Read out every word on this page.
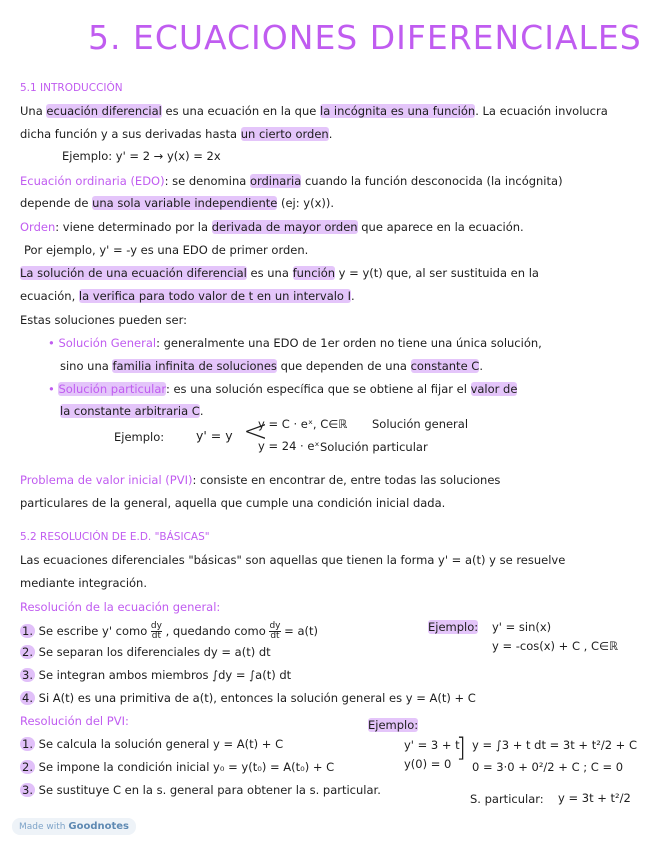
5. ECUACIONES DIFERENCIALES
5.1 INTRODUCCIÓN
Una ecuación diferencial es una ecuación en la que la incógnita es una función. La ecuación involucra
dicha función y a sus derivadas hasta un cierto orden.
Ejemplo: y' = 2 → y(x) = 2x
Ecuación ordinaria (EDO): se denomina ordinaria cuando la función desconocida (la incógnita)
depende de una sola variable independiente (ej: y(x)).
Orden: viene determinado por la derivada de mayor orden que aparece en la ecuación.
Por ejemplo, y' = -y es una EDO de primer orden.
La solución de una ecuación diferencial es una función y = y(t) que, al ser sustituida en la
ecuación, la verifica para todo valor de t en un intervalo I.
Estas soluciones pueden ser:
• Solución General: generalmente una EDO de 1er orden no tiene una única solución,
sino una familia infinita de soluciones que dependen de una constante C.
• Solución particular: es una solución específica que se obtiene al fijar el valor de
la constante arbitraria C.
Ejemplo:	y' = y <
y = C · eˣ, C∈ℝ Solución general
y = 24 · eˣ Solución particular
Problema de valor inicial (PVI): consiste en encontrar de, entre todas las soluciones
particulares de la general, aquella que cumple una condición inicial dada.
5.2 RESOLUCIÓN DE E.D. "BÁSICAS"
Las ecuaciones diferenciales "básicas" son aquellas que tienen la forma y' = a(t) y se resuelve
mediante integración.
Resolución de la ecuación general:
1. Se escribe y' como $\frac{dy}{dt}$ , quedando como $\frac{dy}{dt} = a(t)$	Ejemplo: y' = sin(x)
y = -cos(x) + C , C∈ℝ
2. Se separan los diferenciales dy = a(t) dt
3. Se integran ambos miembros ∫dy = ∫a(t) dt
4. Si A(t) es una primitiva de a(t), entonces la solución general es y = A(t) + C
Resolución del PVI:	Ejemplo:
1. Se calcula la solución general y = A(t) + C
2. Se impone la condición inicial y₀ = y(t₀) = A(t₀) + C
3. Se sustituye C en la s. general para obtener la s. particular.
y' = 3 + t
y(0) = 0
] y = ∫3 + t dt = 3t + t²/2 + C
0 = 3·0 + 0²/2 + C ; C = 0
S. particular: y = 3t + t²/2
Made with Goodnotes
